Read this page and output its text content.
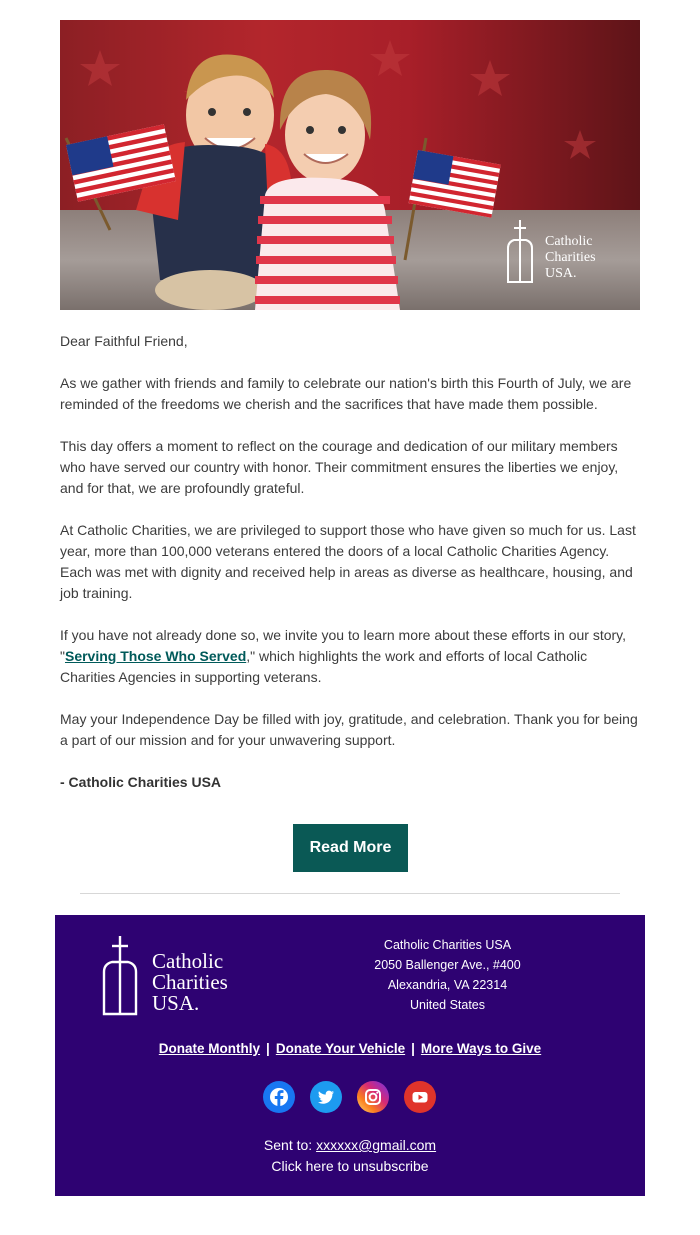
Catholic
Charities
USA.

Dear Faithful Friend,

As we gather with friends and family to celebrate our nation's birth this Fourth of July, we are reminded of the freedoms we cherish and the sacrifices that have made them possible.

This day offers a moment to reflect on the courage and dedication of our military members who have served our country with honor. Their commitment ensures the liberties we enjoy, and for that, we are profoundly grateful.

At Catholic Charities, we are privileged to support those who have given so much for us. Last year, more than 100,000 veterans entered the doors of a local Catholic Charities Agency. Each was met with dignity and received help in areas as diverse as healthcare, housing, and job training.

If you have not already done so, we invite you to learn more about these efforts in our story, "Serving Those Who Served," which highlights the work and efforts of local Catholic Charities Agencies in supporting veterans.

May your Independence Day be filled with joy, gratitude, and celebration. Thank you for being a part of our mission and for your unwavering support.

- Catholic Charities USA

Read More
Catholic
Charities
USA.
Catholic Charities USA
2050 Ballenger Ave., #400
Alexandria, VA 22314
United States
Donate Monthly | Donate Your Vehicle | More Ways to Give
Sent to: xxxxxx@gmail.com
Click here to unsubscribe
